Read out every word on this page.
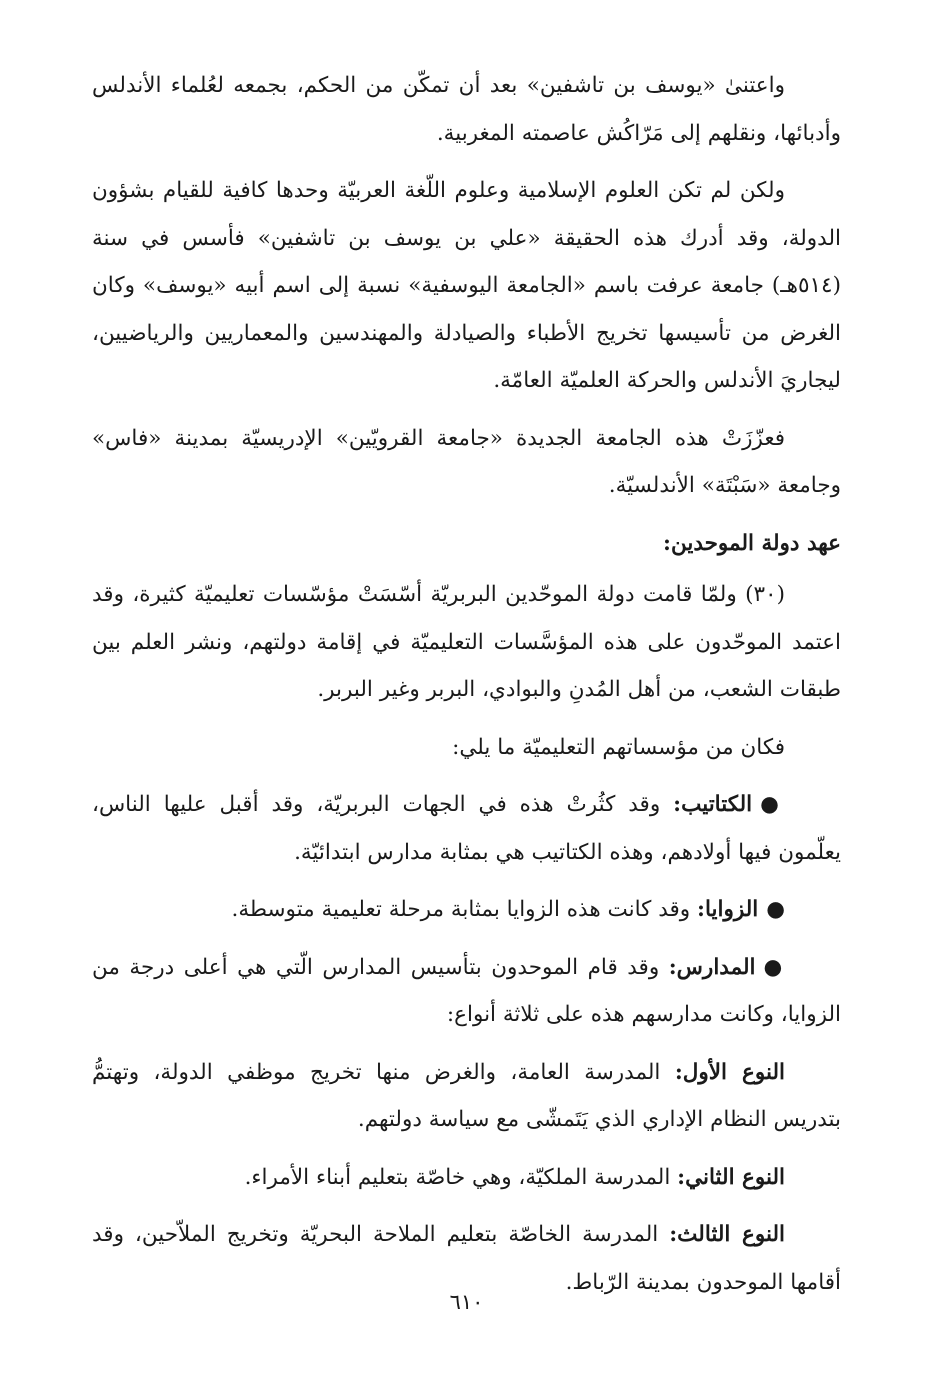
واعتنىٰ «يوسف بن تاشفين» بعد أن تمكّن من الحكم، بجمعه لعُلماء الأندلس وأدبائها، ونقلهم إلى مَرّاكُش عاصمته المغربية.

ولكن لم تكن العلوم الإسلامية وعلوم اللّغة العربيّة وحدها كافية للقيام بشؤون الدولة، وقد أدرك هذه الحقيقة «علي بن يوسف بن تاشفين» فأسس في سنة (٥١٤هـ) جامعة عرفت باسم «الجامعة اليوسفية» نسبة إلى اسم أبيه «يوسف» وكان الغرض من تأسيسها تخريج الأطباء والصيادلة والمهندسين والمعماريين والرياضيين، ليجاريَ الأندلس والحركة العلميّة العامّة.

فعزّزَتْ هذه الجامعة الجديدة «جامعة القرويّين» الإدريسيّة بمدينة «فاس» وجامعة «سَبْتَة» الأندلسيّة.

عهد دولة الموحدين:

(٣٠) ولمّا قامت دولة الموحّدين البربريّة أسّسَتْ مؤسّسات تعليميّة كثيرة، وقد اعتمد الموحّدون على هذه المؤسَّسات التعليميّة في إقامة دولتهم، ونشر العلم بين طبقات الشعب، من أهل المُدنِ والبوادي، البربر وغير البربر.

فكان من مؤسساتهم التعليميّة ما يلي:

●الكتاتيب: وقد كثُرتْ هذه في الجهات البربريّة، وقد أقبل عليها الناس، يعلّمون فيها أولادهم، وهذه الكتاتيب هي بمثابة مدارس ابتدائيّة.

●الزوايا: وقد كانت هذه الزوايا بمثابة مرحلة تعليمية متوسطة.

●المدارس: وقد قام الموحدون بتأسيس المدارس الّتي هي أعلى درجة من الزوايا، وكانت مدارسهم هذه على ثلاثة أنواع:

النوع الأول: المدرسة العامة، والغرض منها تخريج موظفي الدولة، وتهتمُّ بتدريس النظام الإداري الذي يَتَمشّى مع سياسة دولتهم.

النوع الثاني: المدرسة الملكيّة، وهي خاصّة بتعليم أبناء الأمراء.

النوع الثالث: المدرسة الخاصّة بتعليم الملاحة البحريّة وتخريج الملاّحين، وقد أقامها الموحدون بمدينة الرّباط.

٦١٠
